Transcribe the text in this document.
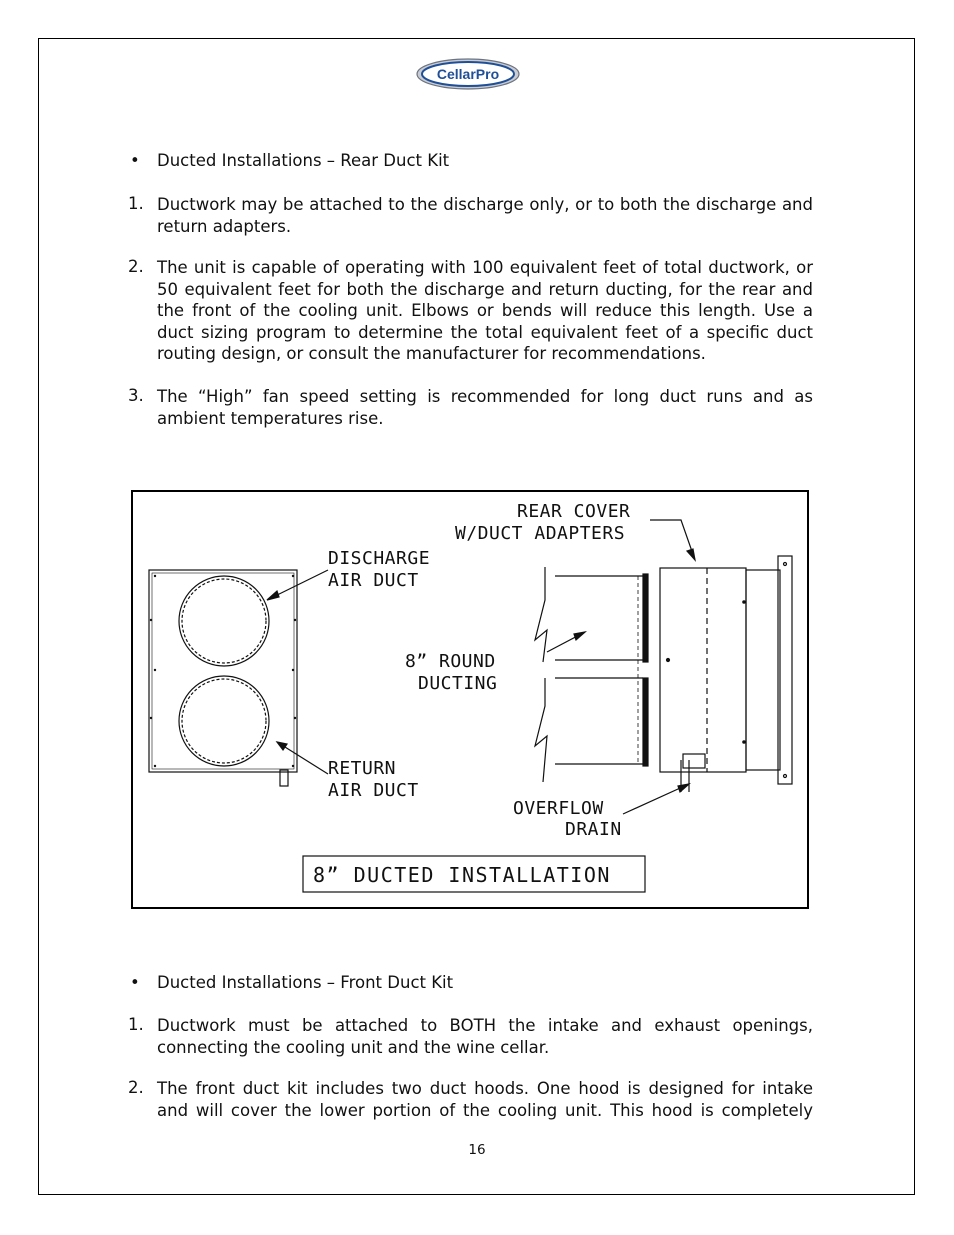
CellarPro
• Ducted Installations – Rear Duct Kit
1. Ductwork may be attached to the discharge only, or to both the discharge and
return adapters.
2. The unit is capable of operating with 100 equivalent feet of total ductwork, or
50 equivalent feet for both the discharge and return ducting, for the rear and
the front of the cooling unit. Elbows or bends will reduce this length. Use a
duct sizing program to determine the total equivalent feet of a specific duct
routing design, or consult the manufacturer for recommendations.
3. The “High” fan speed setting is recommended for long duct runs and as
ambient temperatures rise.
REAR COVER
W/DUCT ADAPTERS
DISCHARGE
AIR DUCT
8” ROUND
DUCTING
RETURN
AIR DUCT
OVERFLOW
DRAIN
8” DUCTED INSTALLATION
• Ducted Installations – Front Duct Kit
1. Ductwork must be attached to BOTH the intake and exhaust openings,
connecting the cooling unit and the wine cellar.
2. The front duct kit includes two duct hoods. One hood is designed for intake
and will cover the lower portion of the cooling unit. This hood is completely
16
